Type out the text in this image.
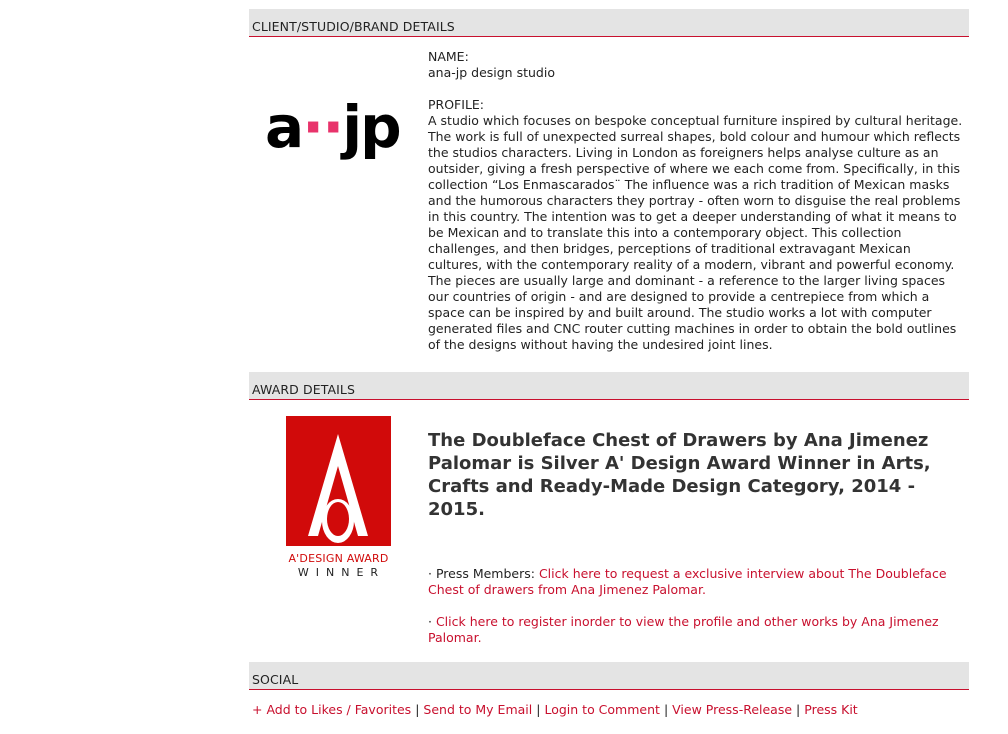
CLIENT/STUDIO/BRAND DETAILS
a··jp
NAME:
ana-jp design studio
PROFILE:
A studio which focuses on bespoke conceptual furniture inspired by cultural heritage. The work is full of unexpected surreal shapes, bold colour and humour which reflects the studios characters. Living in London as foreigners helps analyse culture as an outsider, giving a fresh perspective of where we each come from. Specifically, in this collection “Los Enmascarados¨ The influence was a rich tradition of Mexican masks and the humorous characters they portray - often worn to disguise the real problems in this country. The intention was to get a deeper understanding of what it means to be Mexican and to translate this into a contemporary object. This collection challenges, and then bridges, perceptions of traditional extravagant Mexican cultures, with the contemporary reality of a modern, vibrant and powerful economy. The pieces are usually large and dominant - a reference to the larger living spaces our countries of origin - and are designed to provide a centrepiece from which a space can be inspired by and built around. The studio works a lot with computer generated files and CNC router cutting machines in order to obtain the bold outlines of the designs without having the undesired joint lines.
AWARD DETAILS
A'DESIGN AWARD
WINNER
The Doubleface Chest of Drawers by Ana Jimenez Palomar is Silver A' Design Award Winner in Arts, Crafts and Ready-Made Design Category, 2014 - 2015.
· Press Members: Click here to request a exclusive interview about The Doubleface Chest of drawers from Ana Jimenez Palomar.
· Click here to register inorder to view the profile and other works by Ana Jimenez Palomar.
SOCIAL
+ Add to Likes / Favorites | Send to My Email | Login to Comment | View Press-Release | Press Kit
